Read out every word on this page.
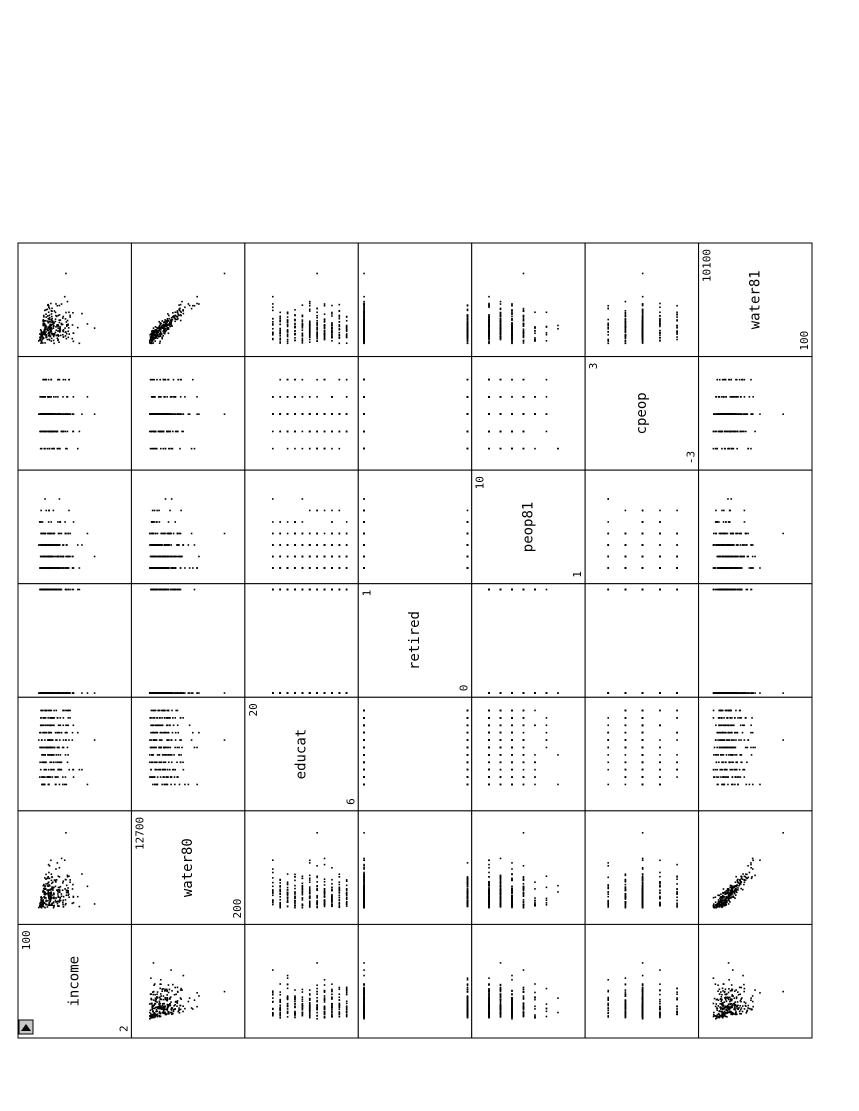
water81
10100
100
cpeop
3
-3
peop81
10
1
retired
1
0
educat
20
6
water80
12700
200
income
100
2
